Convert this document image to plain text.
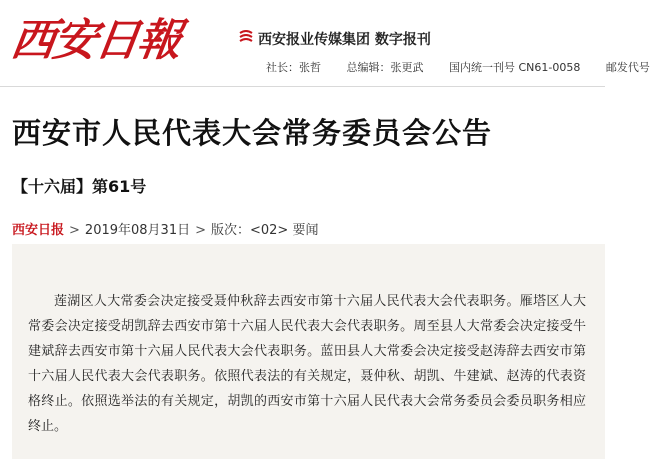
西安日報	西安报业传媒集团 数字报刊
社长：张哲 总编辑：张更武 国内统一刊号 CN61-0058 邮发代号
西安市人民代表大会常务委员会公告
【十六届】第61号
西安日报 > 2019年08月31日 > 版次：<02> 要闻
莲湖区人大常委会决定接受聂仲秋辞去西安市第十六届人民代表大会代表职务。雁塔区人大常委会决定接受胡凯辞去西安市第十六届人民代表大会代表职务。周至县人大常委会决定接受牛建斌辞去西安市第十六届人民代表大会代表职务。蓝田县人大常委会决定接受赵涛辞去西安市第十六届人民代表大会代表职务。依照代表法的有关规定，聂仲秋、胡凯、牛建斌、赵涛的代表资格终止。依照选举法的有关规定，胡凯的西安市第十六届人民代表大会常务委员会委员职务相应终止。
